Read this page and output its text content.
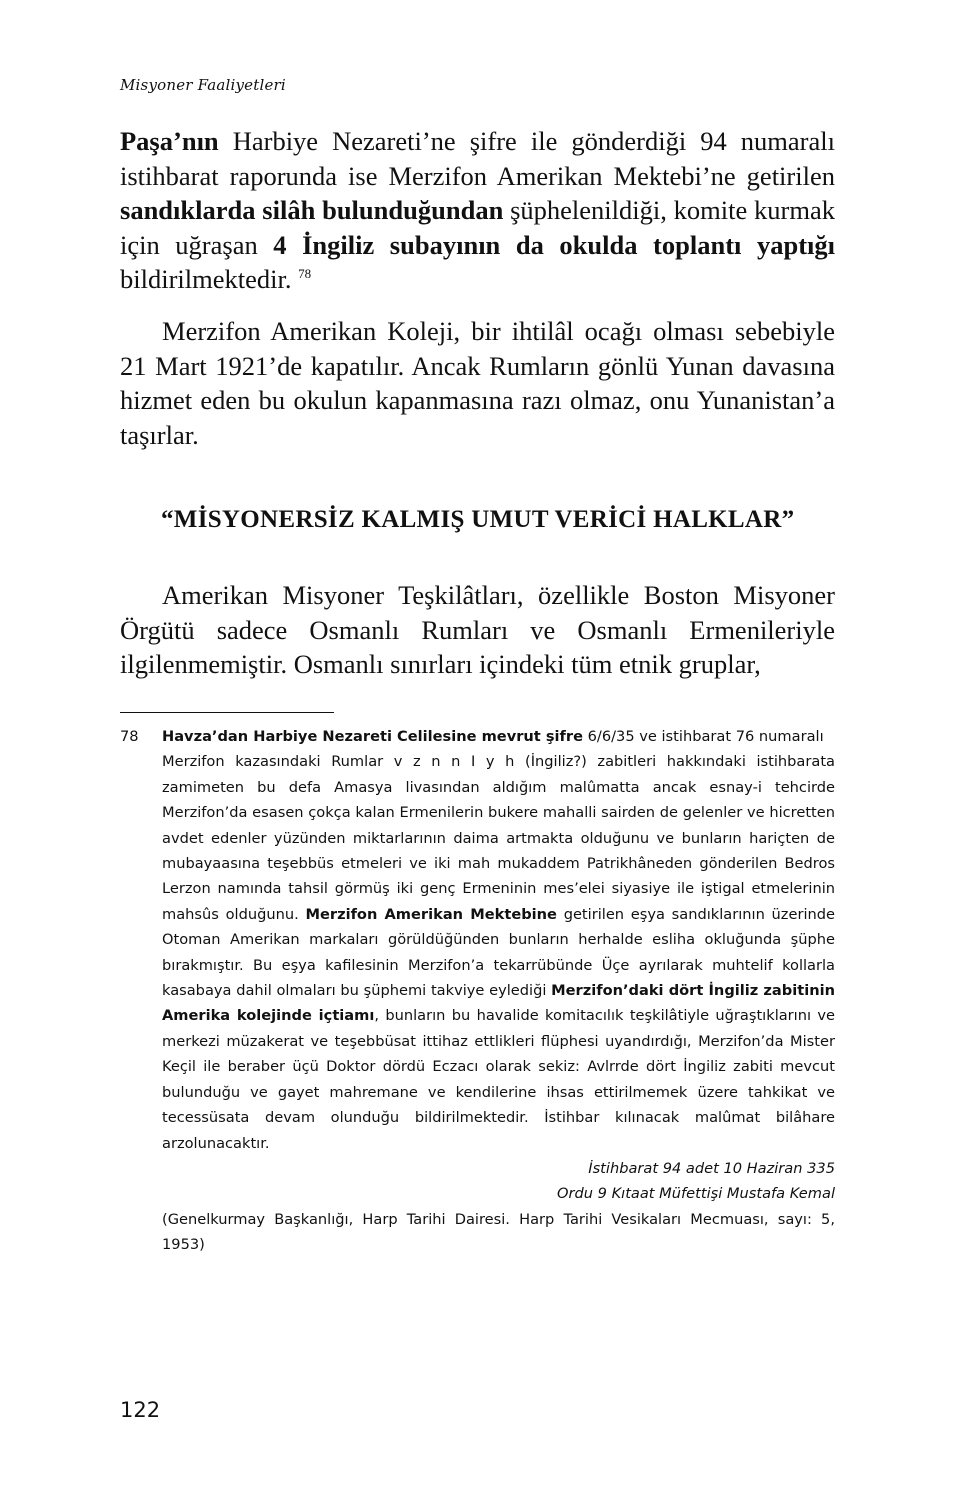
Misyoner Faaliyetleri

Paşa’nın Harbiye Nezareti’ne şifre ile gönderdiği 94 numaralı istihbarat raporunda ise Merzifon Amerikan Mektebi’ne getirilen sandıklarda silâh bulunduğundan şüphelenildiği, komite kurmak için uğraşan 4 İngiliz subayının da okulda toplantı yaptığı bildirilmektedir. $^{78}$

Merzifon Amerikan Koleji, bir ihtilâl ocağı olması sebebiyle 21 Mart 1921’de kapatılır. Ancak Rumların gönlü Yunan davasına hizmet eden bu okulun kapanmasına razı olmaz, onu Yunanistan’a taşırlar.

“MİSYONERSİZ KALMIŞ UMUT VERİCİ HALKLAR”

Amerikan Misyoner Teşkilâtları, özellikle Boston Misyoner Örgütü sadece Osmanlı Rumları ve Osmanlı Ermenileriyle ilgilenmemiştir. Osmanlı sınırları içindeki tüm etnik gruplar,

78 Havza’dan Harbiye Nezareti Celilesine mevrut şifre 6/6/35 ve istihbarat 76 numaralı

Merzifon kazasındaki Rumlar v z n n I y h (İngiliz?) zabitleri hakkındaki istihbarata zamimeten bu defa Amasya livasından aldığım malûmatta ancak esnay-i tehcirde Merzifon’da esasen çokça kalan Ermenilerin bukere mahalli sairden de gelenler ve hicretten avdet edenler yüzünden miktarlarının daima artmakta olduğunu ve bunların hariçten de mubayaasına teşebbüs etmeleri ve iki mah mukaddem Patrikhâneden gönderilen Bedros Lerzon namında tahsil görmüş iki genç Ermeninin mes’elei siyasiye ile iştigal etmelerinin mahsûs olduğunu. Merzifon Amerikan Mektebine getirilen eşya sandıklarının üzerinde Otoman Amerikan markaları görüldüğünden bunların herhalde esliha okluğunda şüphe bırakmıştır. Bu eşya kafilesinin Merzifon’a tekarrübünde Üçe ayrılarak muhtelif kollarla kasabaya dahil olmaları bu şüphemi takviye eylediği Merzifon’daki dört İngiliz zabitinin Amerika kolejinde içtiamı, bunların bu havalide komitacılık teşkilâtiyle uğraştıklarını ve merkezi müzakerat ve teşebbüsat ittihaz ettlikleri flüphesi uyandırdığı, Merzifon’da Mister Keçil ile beraber üçü Doktor dördü Eczacı olarak sekiz: Avlrrde dört İngiliz zabiti mevcut bulunduğu ve gayet mahremane ve kendilerine ihsas ettirilmemek üzere tahkikat ve tecessüsata devam olunduğu bildirilmektedir. İstihbar kılınacak malûmat bilâhare arzolunacaktır.

İstihbarat 94 adet 10 Haziran 335

Ordu 9 Kıtaat Müfettişi Mustafa Kemal

(Genelkurmay Başkanlığı, Harp Tarihi Dairesi. Harp Tarihi Vesikaları Mecmuası, sayı: 5, 1953)

122
